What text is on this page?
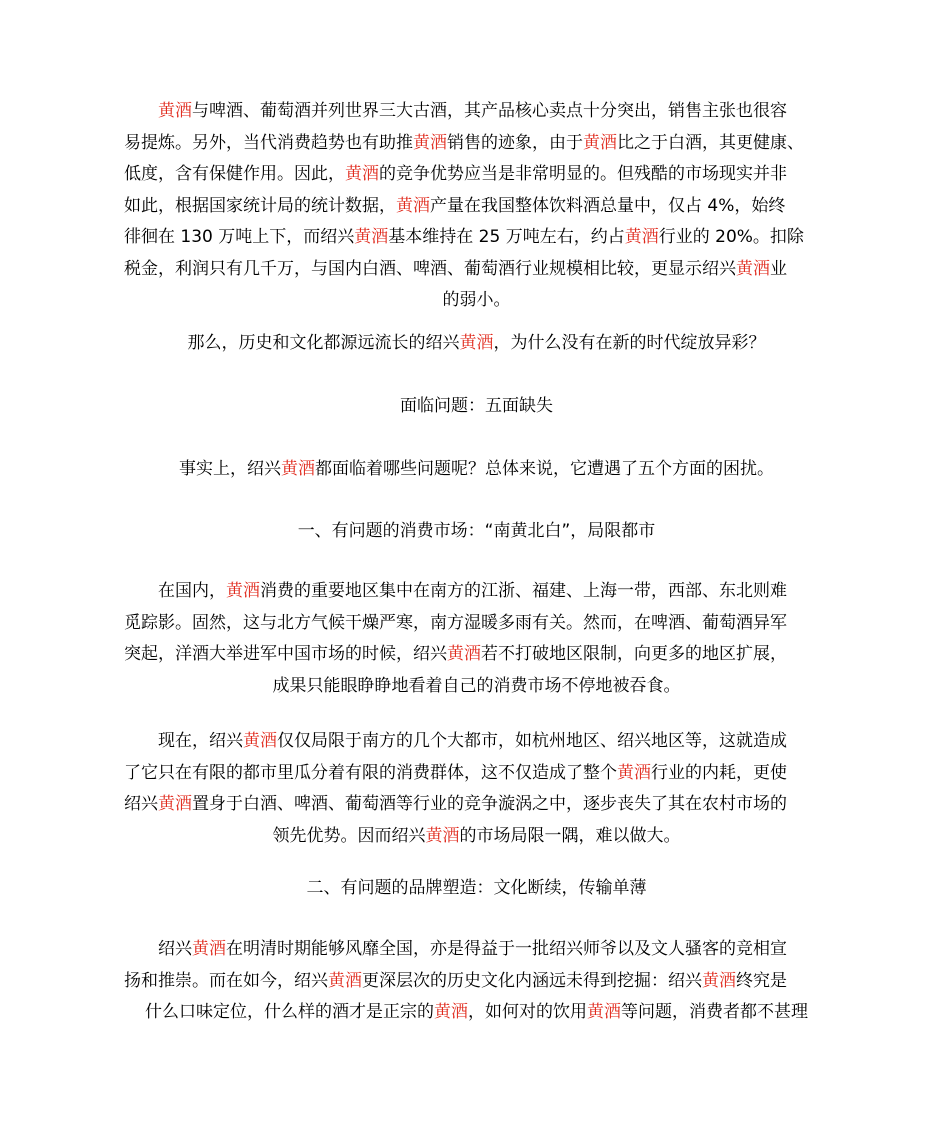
黄酒与啤酒、葡萄酒并列世界三大古酒，其产品核心卖点十分突出，销售主张也很容
易提炼。另外，当代消费趋势也有助推黄酒销售的迹象，由于黄酒比之于白酒，其更健康、
低度，含有保健作用。因此，黄酒的竞争优势应当是非常明显的。但残酷的市场现实并非
如此，根据国家统计局的统计数据，黄酒产量在我国整体饮料酒总量中，仅占 4%，始终
徘徊在 130 万吨上下，而绍兴黄酒基本维持在 25 万吨左右，约占黄酒行业的 20%。扣除
税金，利润只有几千万，与国内白酒、啤酒、葡萄酒行业规模相比较，更显示绍兴黄酒业
的弱小。
那么，历史和文化都源远流长的绍兴黄酒，为什么没有在新的时代绽放异彩？
面临问题：五面缺失
事实上，绍兴黄酒都面临着哪些问题呢？总体来说，它遭遇了五个方面的困扰。
一、有问题的消费市场：“南黄北白”，局限都市
在国内，黄酒消费的重要地区集中在南方的江浙、福建、上海一带，西部、东北则难
觅踪影。固然，这与北方气候干燥严寒，南方湿暖多雨有关。然而，在啤酒、葡萄酒异军
突起，洋酒大举进军中国市场的时候，绍兴黄酒若不打破地区限制，向更多的地区扩展，
成果只能眼睁睁地看着自己的消费市场不停地被吞食。
现在，绍兴黄酒仅仅局限于南方的几个大都市，如杭州地区、绍兴地区等，这就造成
了它只在有限的都市里瓜分着有限的消费群体，这不仅造成了整个黄酒行业的内耗，更使
绍兴黄酒置身于白酒、啤酒、葡萄酒等行业的竞争漩涡之中，逐步丧失了其在农村市场的
领先优势。因而绍兴黄酒的市场局限一隅，难以做大。
二、有问题的品牌塑造：文化断续，传输单薄
绍兴黄酒在明清时期能够风靡全国，亦是得益于一批绍兴师爷以及文人骚客的竞相宣
扬和推崇。而在如今，绍兴黄酒更深层次的历史文化内涵远未得到挖掘：绍兴黄酒终究是
什么口味定位，什么样的酒才是正宗的黄酒，如何对的饮用黄酒等问题，消费者都不甚理
